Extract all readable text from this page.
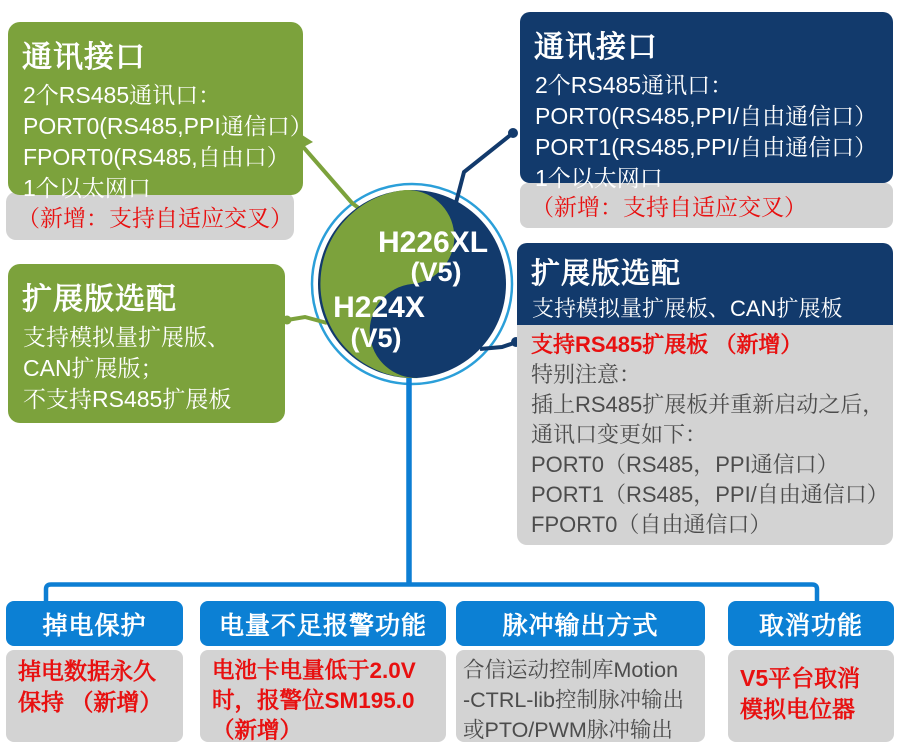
H226XL
(V5)
H224X
(V5)
通讯接口
2个RS485通讯口：
PORT0(RS485,PPI通信口）
FPORT0(RS485,自由口）
1个以太网口
（新增：支持自适应交叉）
扩展版选配
支持模拟量扩展版、
CAN扩展版；
不支持RS485扩展板
通讯接口
2个RS485通讯口：
PORT0(RS485,PPI/自由通信口）
PORT1(RS485,PPI/自由通信口）
1个以太网口
（新增：支持自适应交叉）
扩展版选配
支持模拟量扩展板、CAN扩展板
支持RS485扩展板 （新增）
特别注意：
插上RS485扩展板并重新启动之后，
通讯口变更如下：
PORT0（RS485，PPI通信口）
PORT1（RS485，PPI/自由通信口）
FPORT0（自由通信口）
掉电保护
掉电数据永久
保持 （新增）
电量不足报警功能
电池卡电量低于2.0V
时，报警位SM195.0
（新增）
脉冲输出方式
合信运动控制库Motion
-CTRL-lib控制脉冲输出
或PTO/PWM脉冲输出
取消功能
V5平台取消
模拟电位器
